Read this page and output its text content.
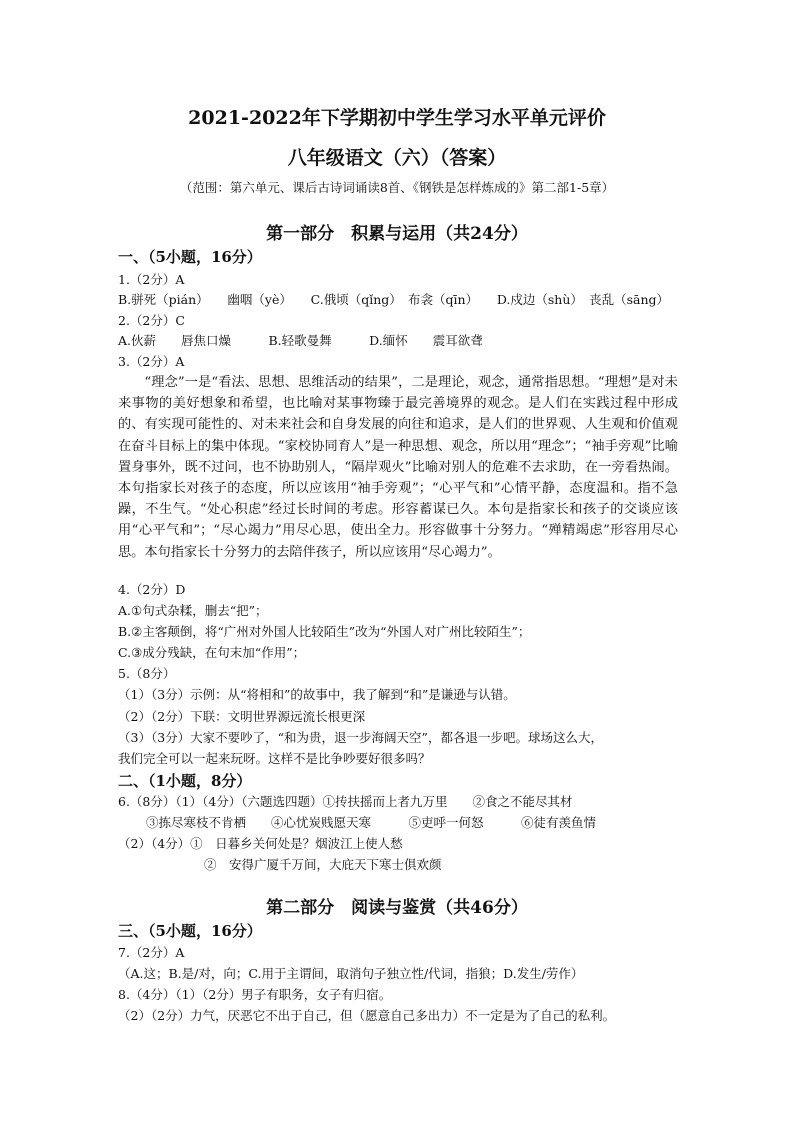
2021-2022年下学期初中学生学习水平单元评价
八年级语文（六）（答案）
（范围：第六单元、课后古诗词诵读8首、《钢铁是怎样炼成的》第二部1-5章）
第一部分　积累与运用（共24分）
一、（5小题，16分）
1.（2分）A
B.骈死（pián）　　幽咽（yè）　　C.俄顷（qǐng）　布衾（qīn）　　D.戍边（shù）　丧乱（sāng）
2.（2分）C
A.伙薪　　唇焦口燥　　　B.轻歌曼舞　　　D.缅怀　　震耳欲聋
3.（2分）A
“理念”一是“看法、思想、思维活动的结果”，二是理论，观念，通常指思想。“理想”是对未来事物的美好想象和希望，也比喻对某事物臻于最完善境界的观念。是人们在实践过程中形成的、有实现可能性的、对未来社会和自身发展的向往和追求，是人们的世界观、人生观和价值观在奋斗目标上的集中体现。“家校协同育人”是一种思想、观念，所以用“理念”；“袖手旁观”比喻置身事外，既不过问，也不协助别人，“隔岸观火”比喻对别人的危难不去求助，在一旁看热闹。本句指家长对孩子的态度，所以应该用“袖手旁观”；“心平气和”心情平静，态度温和。指不急躁，不生气。“处心积虑”经过长时间的考虑。形容蓄谋已久。本句是指家长和孩子的交谈应该用“心平气和”；“尽心竭力”用尽心思，使出全力。形容做事十分努力。“殚精竭虑”形容用尽心思。本句指家长十分努力的去陪伴孩子，所以应该用“尽心竭力”。
4.（2分）D
A.①句式杂糅，删去“把”；
B.②主客颠倒，将“广州对外国人比较陌生”改为“外国人对广州比较陌生”；
C.③成分残缺，在句末加“作用”；
5.（8分）
（1）（3分）示例：从“将相和”的故事中，我了解到“和”是谦逊与认错。
（2）（2分）下联：文明世界源远流长根更深
（3）（3分）大家不要吵了，“和为贵，退一步海阔天空”，都各退一步吧。球场这么大，
我们完全可以一起来玩呀。这样不是比争吵要好很多吗？
二、（1小题，8分）
6.（8分）（1）（4分）（六题选四题）①抟扶摇而上者九万里　　②食之不能尽其材
③拣尽寒枝不肯栖　　④心忧炭贱愿天寒　　　⑤吏呼一何怒　　　⑥徒有羡鱼情
（2）（4分）①　日暮乡关何处是？烟波江上使人愁
②　安得广厦千万间，大庇天下寒士俱欢颜
第二部分　阅读与鉴赏（共46分）
三、（5小题，16分）
7.（2分）A
（A.这；B.是/对，向；C.用于主谓间，取消句子独立性/代词，指狼；D.发生/劳作）
8.（4分）（1）（2分）男子有职务，女子有归宿。
（2）（2分）力气，厌恶它不出于自己，但（愿意自己多出力）不一定是为了自己的私利。
